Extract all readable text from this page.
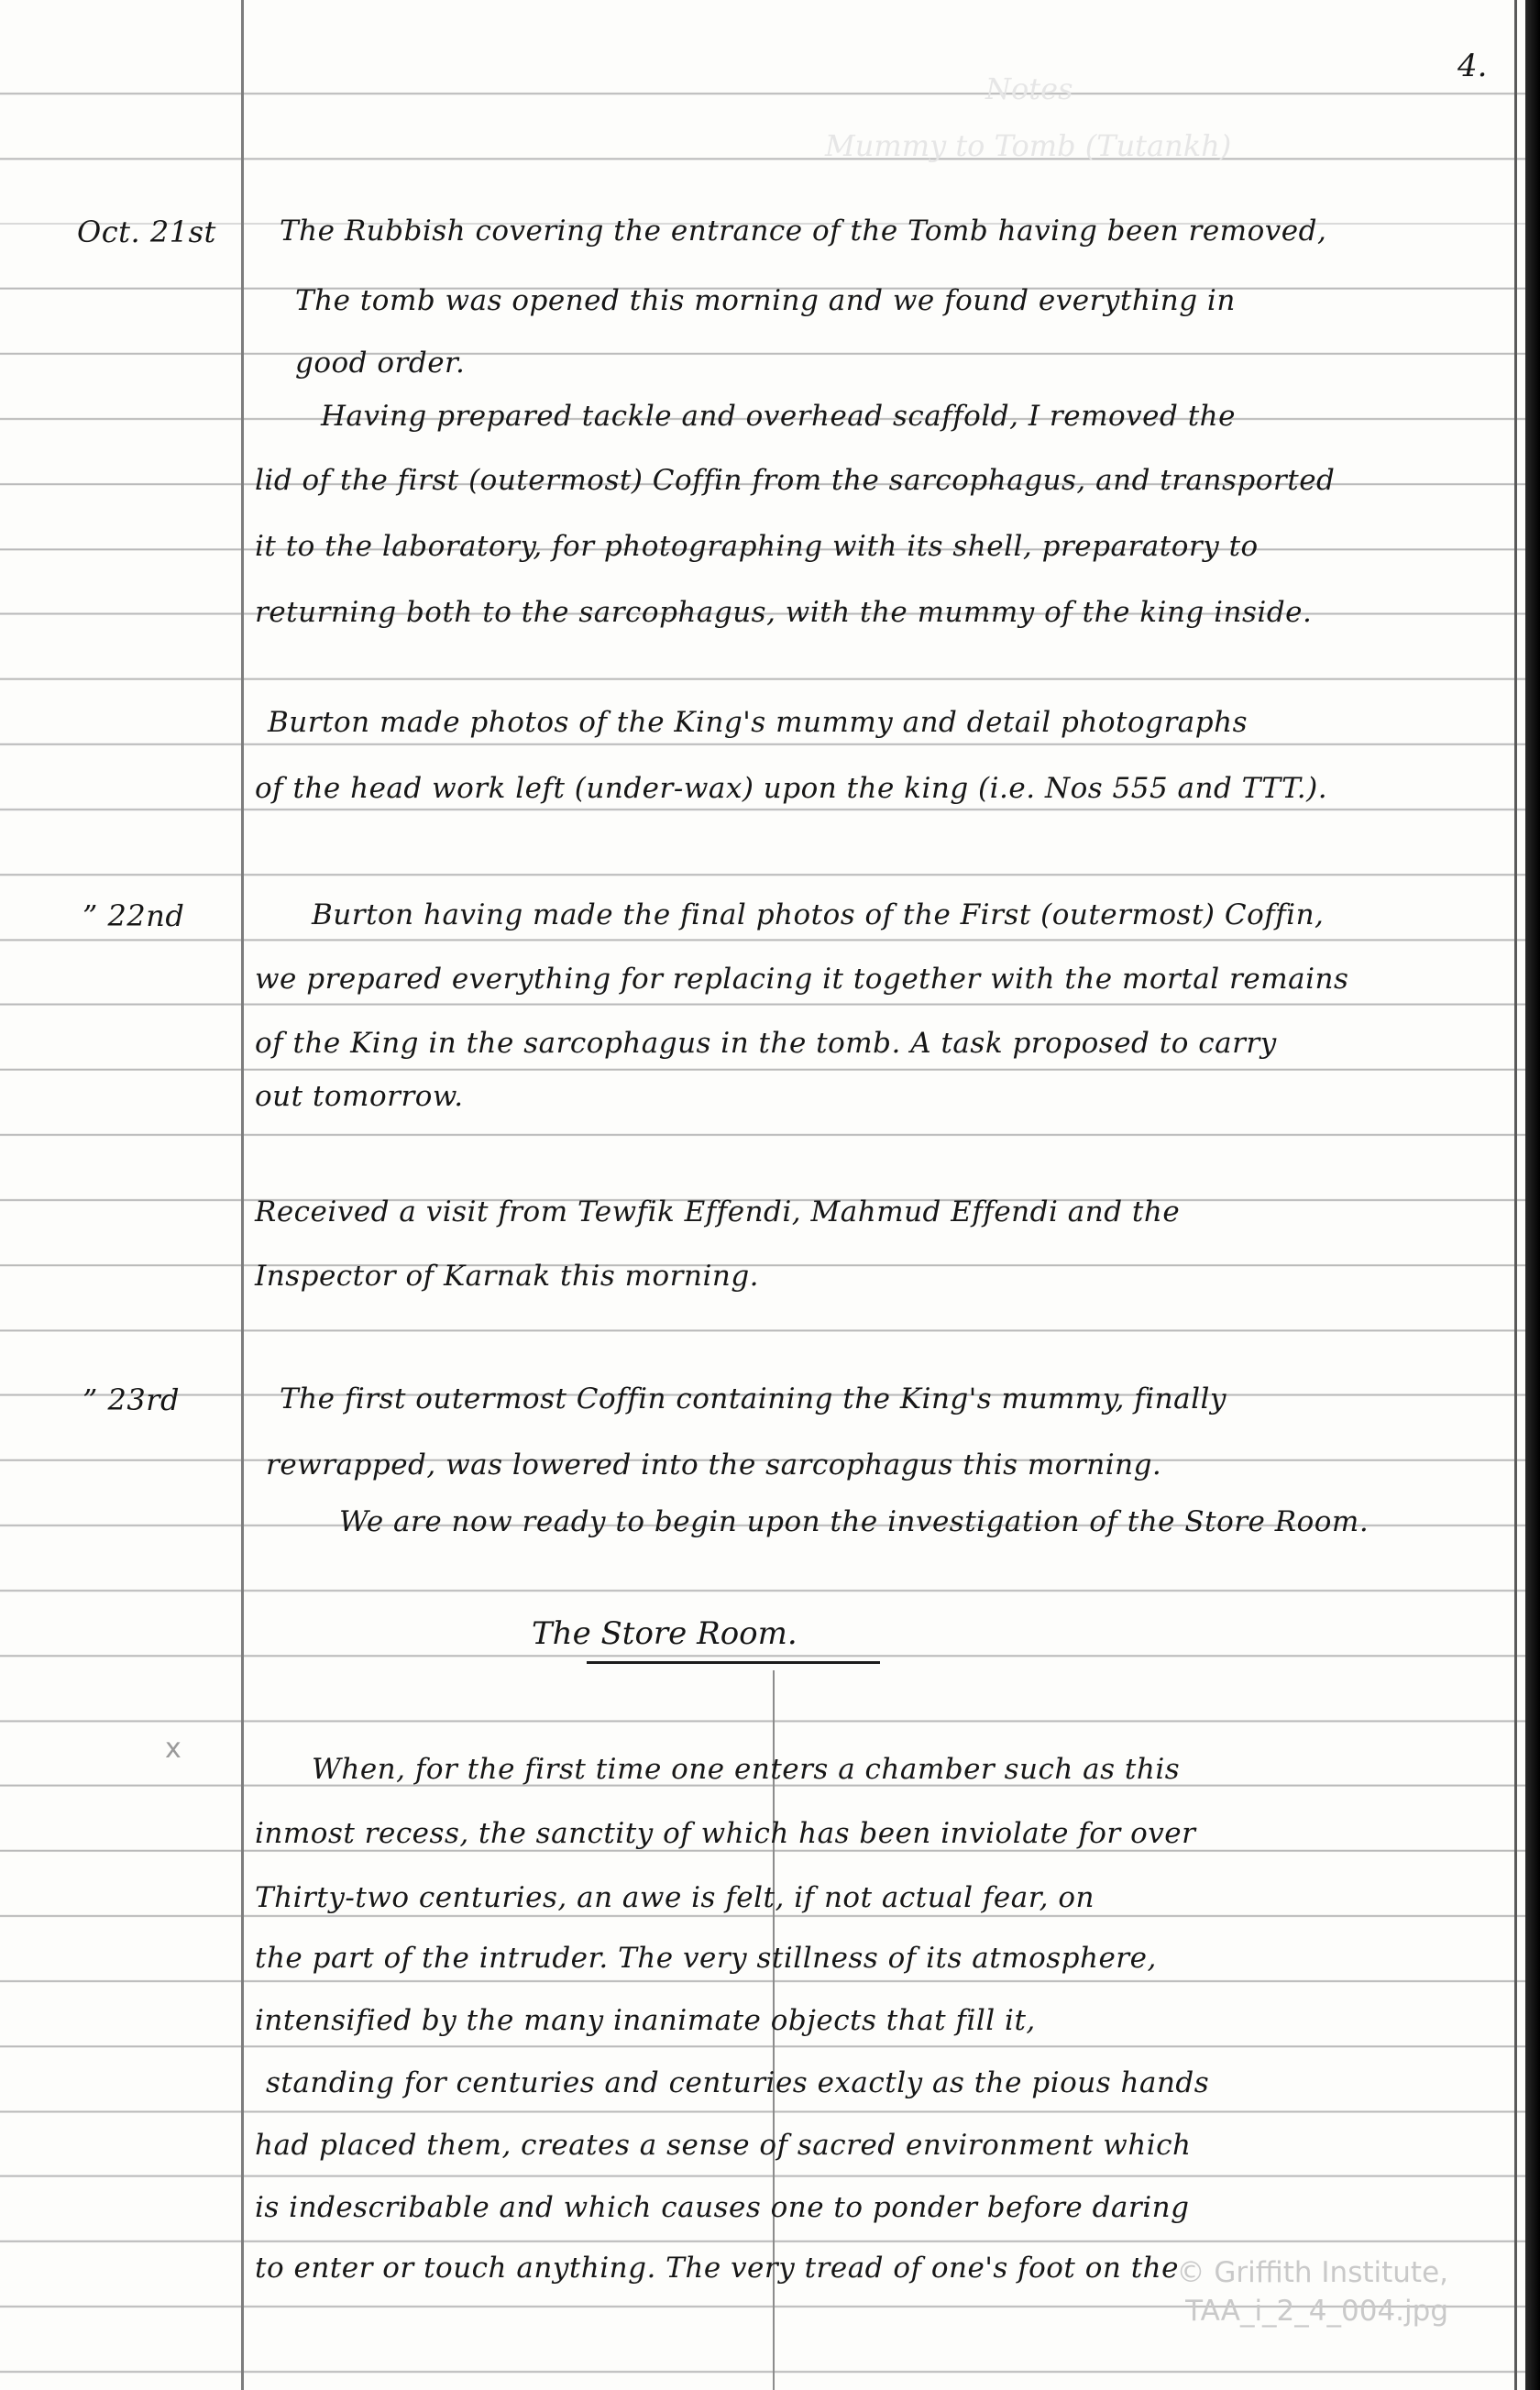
Notes
Mummy to Tomb (Tutankh)
4.
Oct. 21st The Rubbish covering the entrance of the Tomb having been removed,
The tomb was opened this morning and we found everything in
good order.
Having prepared tackle and overhead scaffold, I removed the
lid of the first (outermost) Coffin from the sarcophagus, and transported
it to the laboratory, for photographing with its shell, preparatory to
returning both to the sarcophagus, with the mummy of the king inside.
Burton made photos of the King's mummy and detail photographs
of the head work left (under-wax) upon the king (i.e. Nos 555 and TTT.).
” 22nd	Burton having made the final photos of the First (outermost) Coffin,
we prepared everything for replacing it together with the mortal remains
of the King in the sarcophagus in the tomb. A task proposed to carry
out tomorrow.
Received a visit from Tewfik Effendi, Mahmud Effendi and the
Inspector of Karnak this morning.
” 23rd	The first outermost Coffin containing the King's mummy, finally
rewrapped, was lowered into the sarcophagus this morning.
We are now ready to begin upon the investigation of the Store Room.
The Store Room.
x
When, for the first time one enters a chamber such as this
inmost recess, the sanctity of which has been inviolate for over
Thirty-two centuries, an awe is felt, if not actual fear, on
the part of the intruder. The very stillness of its atmosphere,
intensified by the many inanimate objects that fill it,
standing for centuries and centuries exactly as the pious hands
had placed them, creates a sense of sacred environment which
is indescribable and which causes one to ponder before daring
to enter or touch anything. The very tread of one's foot on the
© Griffith Institute,
TAA_i_2_4_004.jpg
